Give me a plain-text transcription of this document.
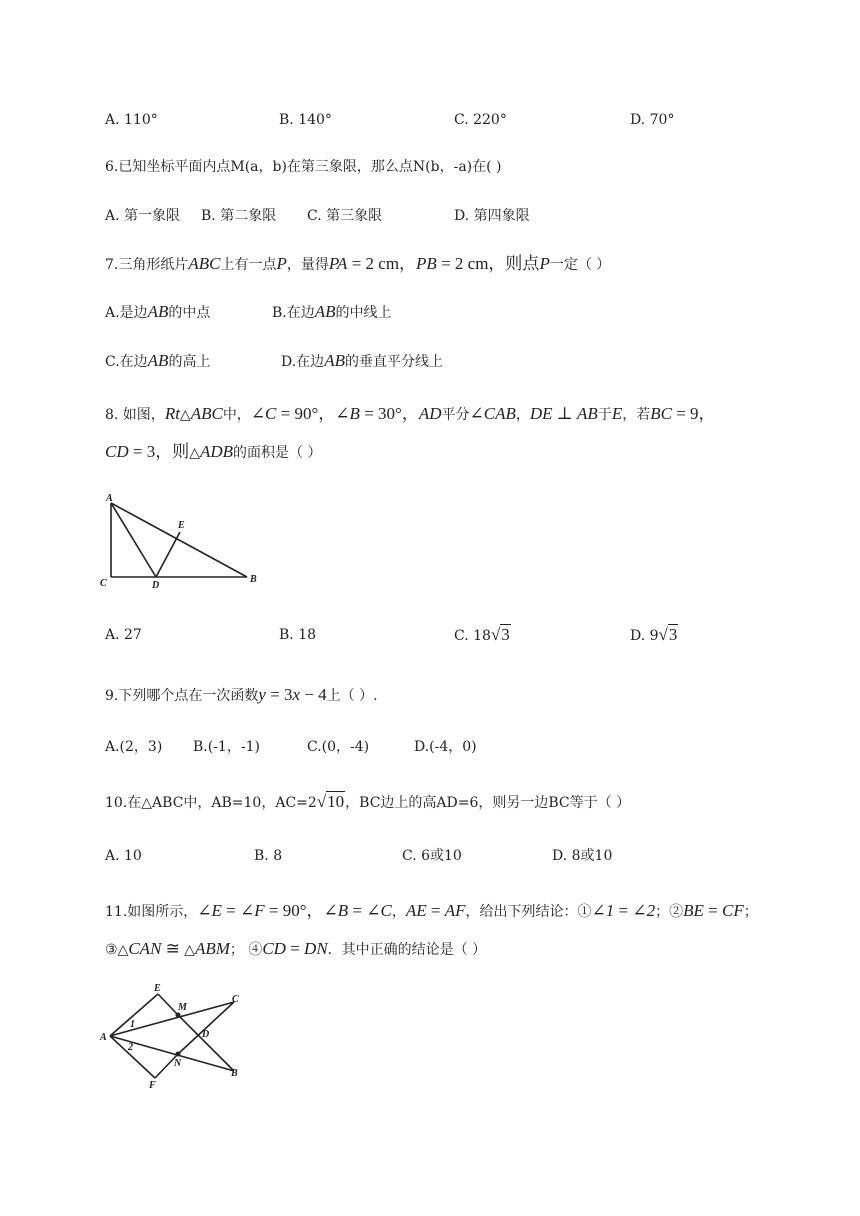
A. 110°	B. 140°	C. 220°	D. 70°
6.已知坐标平面内点M(a，b)在第三象限，那么点N(b，-a)在( )
A. 第一象限 B. 第二象限 C. 第三象限	D. 第四象限
7.三角形纸片ABC上有一点P，量得PA = 2 cm，PB = 2 cm，则点P一定（ ）
A.是边AB的中点	B.在边AB的中线上
C.在边AB的高上	D.在边AB的垂直平分线上
8. 如图，Rt△ABC中，∠C = 90°，∠B = 30°，AD平分∠CAB，DE ⊥ AB于E，若BC = 9，
CD = 3，则△ADB的面积是（ ）
A
C	D
E
B
A. 27	B. 18	C. 18√3	D. 9√3
9.下列哪个点在一次函数y = 3x − 4上（ ）.
A.(2，3) B.(-1，-1)	C.(0，-4)	D.(-4，0)
10.在△ABC中，AB=10，AC=2√10，BC边上的高AD=6，则另一边BC等于（ ）
A. 10	B. 8	C. 6或10	D. 8或10
11.如图所示，∠E = ∠F = 90°，∠B = ∠C，AE = AF，给出下列结论：①∠1 = ∠2；②BE = CF；
③△CAN ≅ △ABM； ④CD = DN．其中正确的结论是（ ）
E
A
F
M
N
D
C
B
1
2
